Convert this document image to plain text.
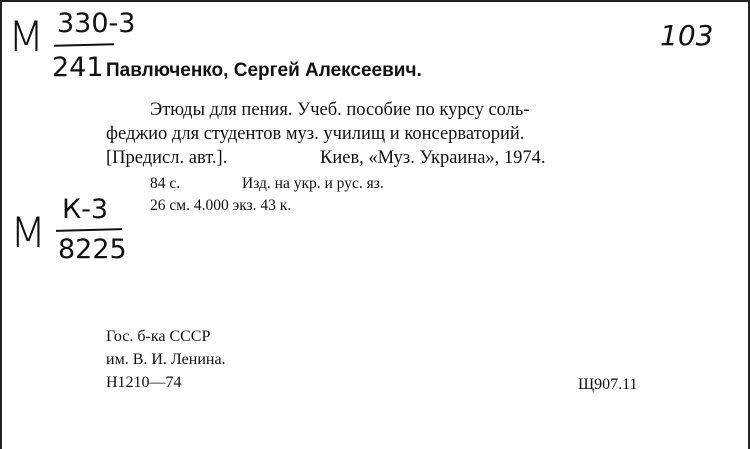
М 330-3
241
103
М К-3
8225
Павлюченко, Сергей Алексеевич.
Этюды для пения. Учеб. пособие по курсу соль-
феджио для студентов муз. училищ и консерваторий.
[Предисл. авт.].	Киев, «Муз. Украина», 1974.
84 с.	Изд. на укр. и рус. яз.
26 см. 4.000 экз. 43 к.
Гос. б-ка СССР
им. В. И. Ленина.
Н1210—74	Щ907.11
